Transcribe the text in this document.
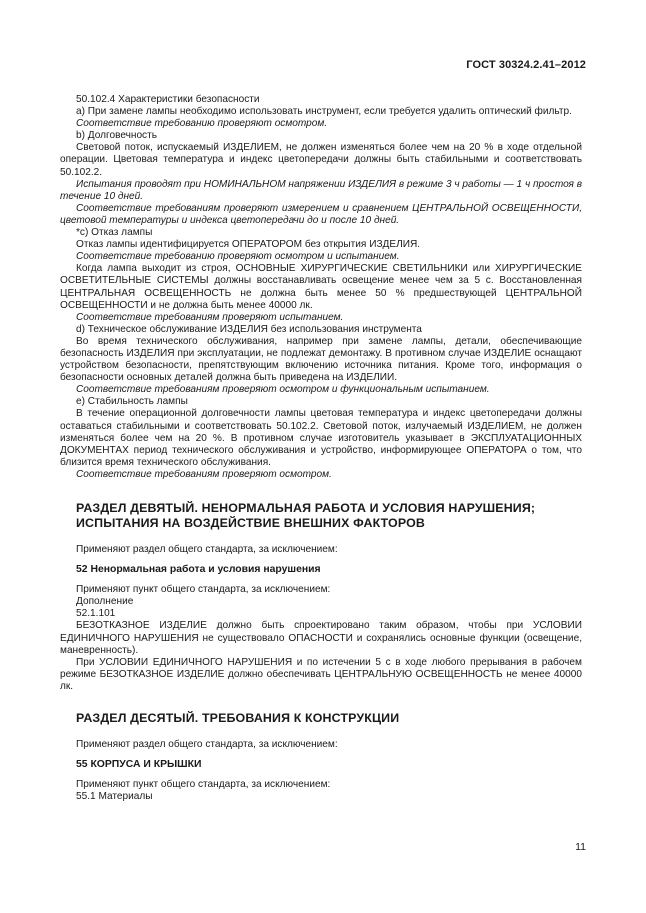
ГОСТ 30324.2.41–2012

50.102.4 Характеристики безопасности

a) При замене лампы необходимо использовать инструмент, если требуется удалить оптический фильтр.

Соответствие требованию проверяют осмотром.

b) Долговечность

Световой поток, испускаемый ИЗДЕЛИЕМ, не должен изменяться более чем на 20 % в ходе отдельной операции. Цветовая температура и индекс цветопередачи должны быть стабильными и соответствовать 50.102.2.

Испытания проводят при НОМИНАЛЬНОМ напряжении ИЗДЕЛИЯ в режиме 3 ч работы — 1 ч простоя в течение 10 дней.

Соответствие требованиям проверяют измерением и сравнением ЦЕНТРАЛЬНОЙ ОСВЕЩЕННОСТИ, цветовой температуры и индекса цветопередачи до и после 10 дней.

*c) Отказ лампы

Отказ лампы идентифицируется ОПЕРАТОРОМ без открытия ИЗДЕЛИЯ.

Соответствие требованию проверяют осмотром и испытанием.

Когда лампа выходит из строя, ОСНОВНЫЕ ХИРУРГИЧЕСКИЕ СВЕТИЛЬНИКИ или ХИРУРГИЧЕСКИЕ ОСВЕТИТЕЛЬНЫЕ СИСТЕМЫ должны восстанавливать освещение менее чем за 5 с. Восстановленная ЦЕНТРАЛЬНАЯ ОСВЕЩЕННОСТЬ не должна быть менее 50 % предшествующей ЦЕНТРАЛЬНОЙ ОСВЕЩЕННОСТИ и не должна быть менее 40000 лк.

Соответствие требованиям проверяют испытанием.

d) Техническое обслуживание ИЗДЕЛИЯ без использования инструмента

Во время технического обслуживания, например при замене лампы, детали, обеспечивающие безопасность ИЗДЕЛИЯ при эксплуатации, не подлежат демонтажу. В противном случае ИЗДЕЛИЕ оснащают устройством безопасности, препятствующим включению источника питания. Кроме того, информация о безопасности основных деталей должна быть приведена на ИЗДЕЛИИ.

Соответствие требованиям проверяют осмотром и функциональным испытанием.

e) Стабильность лампы

В течение операционной долговечности лампы цветовая температура и индекс цветопередачи должны оставаться стабильными и соответствовать 50.102.2. Световой поток, излучаемый ИЗДЕЛИЕМ, не должен изменяться более чем на 20 %. В противном случае изготовитель указывает в ЭКСПЛУАТАЦИОННЫХ ДОКУМЕНТАХ период технического обслуживания и устройство, информирующее ОПЕРАТОРА о том, что близится время технического обслуживания.

Соответствие требованиям проверяют осмотром.

РАЗДЕЛ ДЕВЯТЫЙ. НЕНОРМАЛЬНАЯ РАБОТА И УСЛОВИЯ НАРУШЕНИЯ;
ИСПЫТАНИЯ НА ВОЗДЕЙСТВИЕ ВНЕШНИХ ФАКТОРОВ

Применяют раздел общего стандарта, за исключением:

52 Ненормальная работа и условия нарушения

Применяют пункт общего стандарта, за исключением:

Дополнение

52.1.101

БЕЗОТКАЗНОЕ ИЗДЕЛИЕ должно быть спроектировано таким образом, чтобы при УСЛОВИИ ЕДИНИЧНОГО НАРУШЕНИЯ не существовало ОПАСНОСТИ и сохранялись основные функции (освещение, маневренность).

При УСЛОВИИ ЕДИНИЧНОГО НАРУШЕНИЯ и по истечении 5 с в ходе любого прерывания в рабочем режиме БЕЗОТКАЗНОЕ ИЗДЕЛИЕ должно обеспечивать ЦЕНТРАЛЬНУЮ ОСВЕЩЕННОСТЬ не менее 40000 лк.

РАЗДЕЛ ДЕСЯТЫЙ. ТРЕБОВАНИЯ К КОНСТРУКЦИИ

Применяют раздел общего стандарта, за исключением:

55 КОРПУСА И КРЫШКИ

Применяют пункт общего стандарта, за исключением:

55.1 Материалы

11
